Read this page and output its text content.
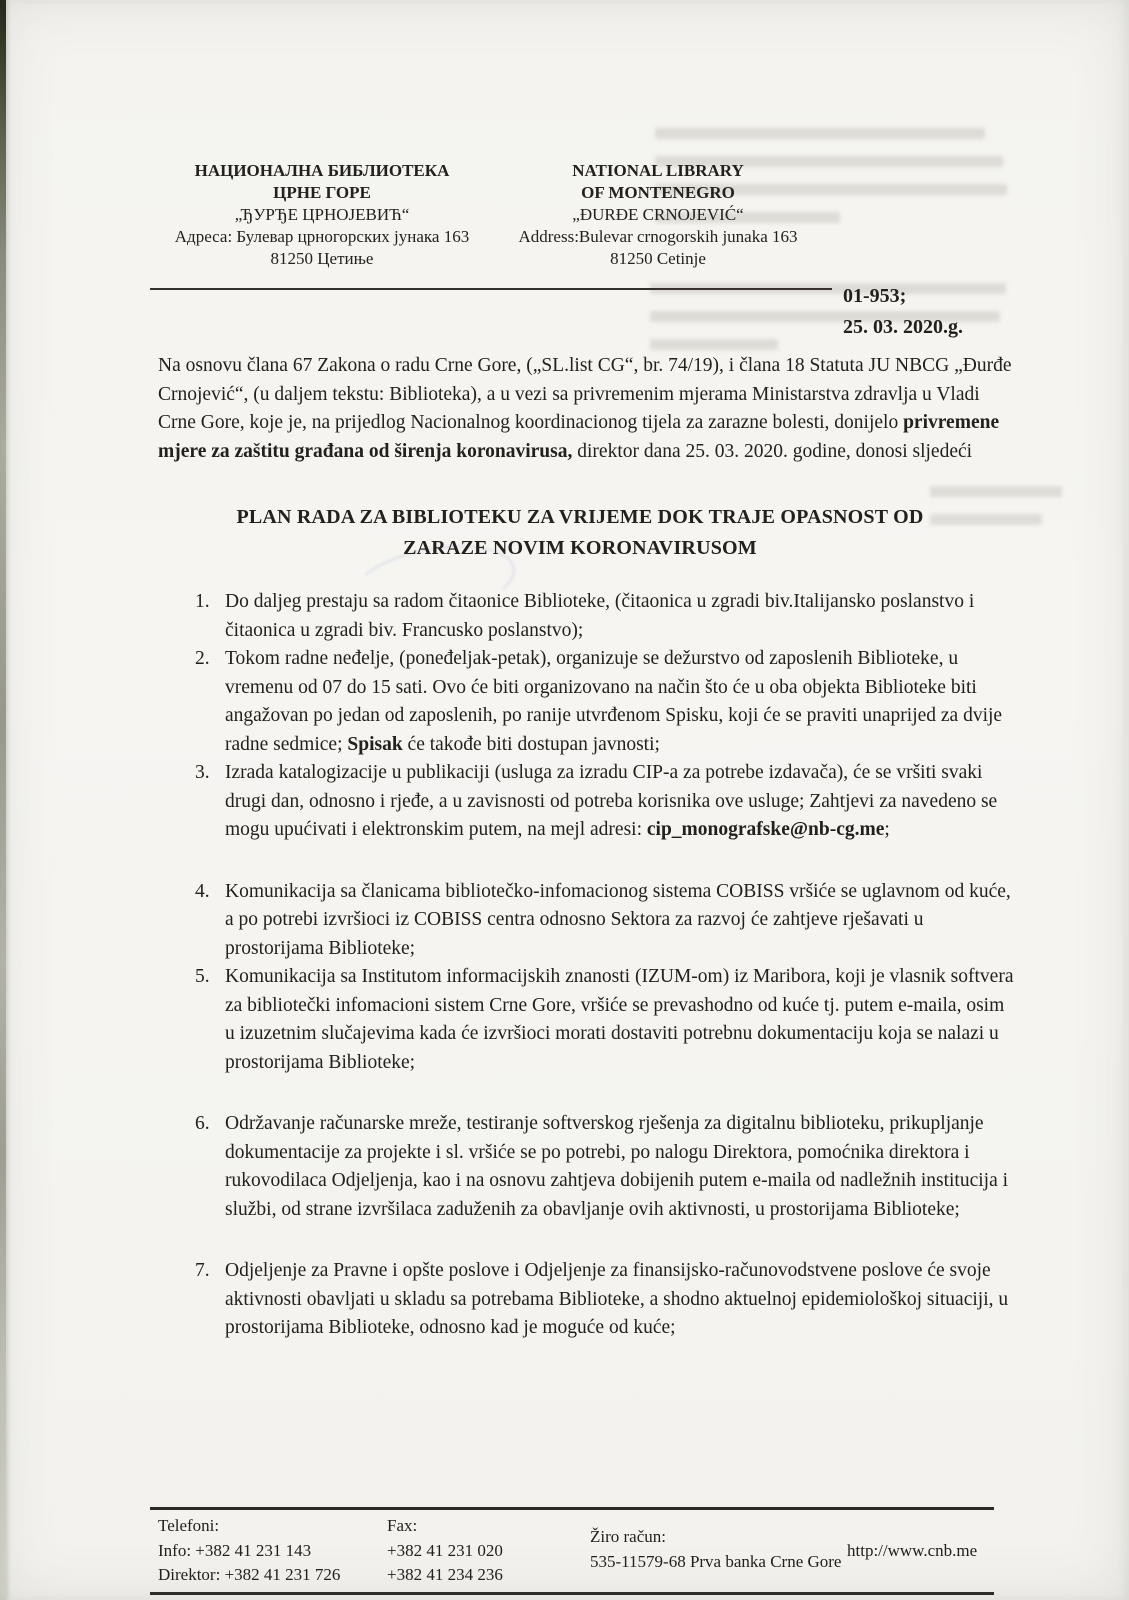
НАЦИОНАЛНА БИБЛИОТЕКА
ЦРНЕ ГОРЕ
„ЂУРЂЕ ЦРНОЈЕВИЋ“
Адреса: Булевар црногорских јунака 163
81250 Цетиње
NATIONAL LIBRARY
OF MONTENEGRO
„ĐURĐE CRNOJEVIĆ“
Address:Bulevar crnogorskih junaka 163
81250 Cetinje
01-953;
25. 03. 2020.g.

Na osnovu člana 67 Zakona o radu Crne Gore, („SL.list CG“, br. 74/19), i člana 18 Statuta JU NBCG „Đurđe Crnojević“, (u daljem tekstu: Biblioteka), a u vezi sa privremenim mjerama Ministarstva zdravlja u Vladi Crne Gore, koje je, na prijedlog Nacionalnog koordinacionog tijela za zarazne bolesti, donijelo privremene mjere za zaštitu građana od širenja koronavirusa, direktor dana 25. 03. 2020. godine, donosi sljedeći

PLAN RADA ZA BIBLIOTEKU ZA VRIJEME DOK TRAJE OPASNOST OD
ZARAZE NOVIM KORONAVIRUSOM
Do daljeg prestaju sa radom čitaonice Biblioteke, (čitaonica u zgradi biv.Italijansko poslanstvo i čitaonica u zgradi biv. Francusko poslanstvo);
Tokom radne neđelje, (poneđeljak-petak), organizuje se dežurstvo od zaposlenih Biblioteke, u vremenu od 07 do 15 sati. Ovo će biti organizovano na način što će u oba objekta Biblioteke biti angažovan po jedan od zaposlenih, po ranije utvrđenom Spisku, koji će se praviti unaprijed za dvije radne sedmice; Spisak će takođe biti dostupan javnosti;
Izrada katalogizacije u publikaciji (usluga za izradu CIP-a za potrebe izdavača), će se vršiti svaki drugi dan, odnosno i rjeđe, a u zavisnosti od potreba korisnika ove usluge; Zahtjevi za navedeno se mogu upućivati i elektronskim putem, na mejl adresi: cip_monografske@nb-cg.me;
Komunikacija sa članicama bibliotečko-infomacionog sistema COBISS vršiće se uglavnom od kuće, a po potrebi izvršioci iz COBISS centra odnosno Sektora za razvoj će zahtjeve rješavati u prostorijama Biblioteke;
Komunikacija sa Institutom informacijskih znanosti (IZUM-om) iz Maribora, koji je vlasnik softvera za bibliotečki infomacioni sistem Crne Gore, vršiće se prevashodno od kuće tj. putem e-maila, osim u izuzetnim slučajevima kada će izvršioci morati dostaviti potrebnu dokumentaciju koja se nalazi u prostorijama Biblioteke;
Održavanje računarske mreže, testiranje softverskog rješenja za digitalnu biblioteku, prikupljanje dokumentacije za projekte i sl. vršiće se po potrebi, po nalogu Direktora, pomoćnika direktora i rukovodilaca Odjeljenja, kao i na osnovu zahtjeva dobijenih putem e-maila od nadležnih institucija i službi, od strane izvršilaca zaduženih za obavljanje ovih aktivnosti, u prostorijama Biblioteke;
Odjeljenje za Pravne i opšte poslove i Odjeljenje za finansijsko-računovodstvene poslove će svoje aktivnosti obavljati u skladu sa potrebama Biblioteke, a shodno aktuelnoj epidemiološkoj situaciji, u prostorijama Biblioteke, odnosno kad je moguće od kuće;
Telefoni:
Info: +382 41 231 143
Direktor: +382 41 231 726
Fax:
+382 41 231 020
+382 41 234 236
Žiro račun:
535-11579-68 Prva banka Crne Gore
http://www.cnb.me
